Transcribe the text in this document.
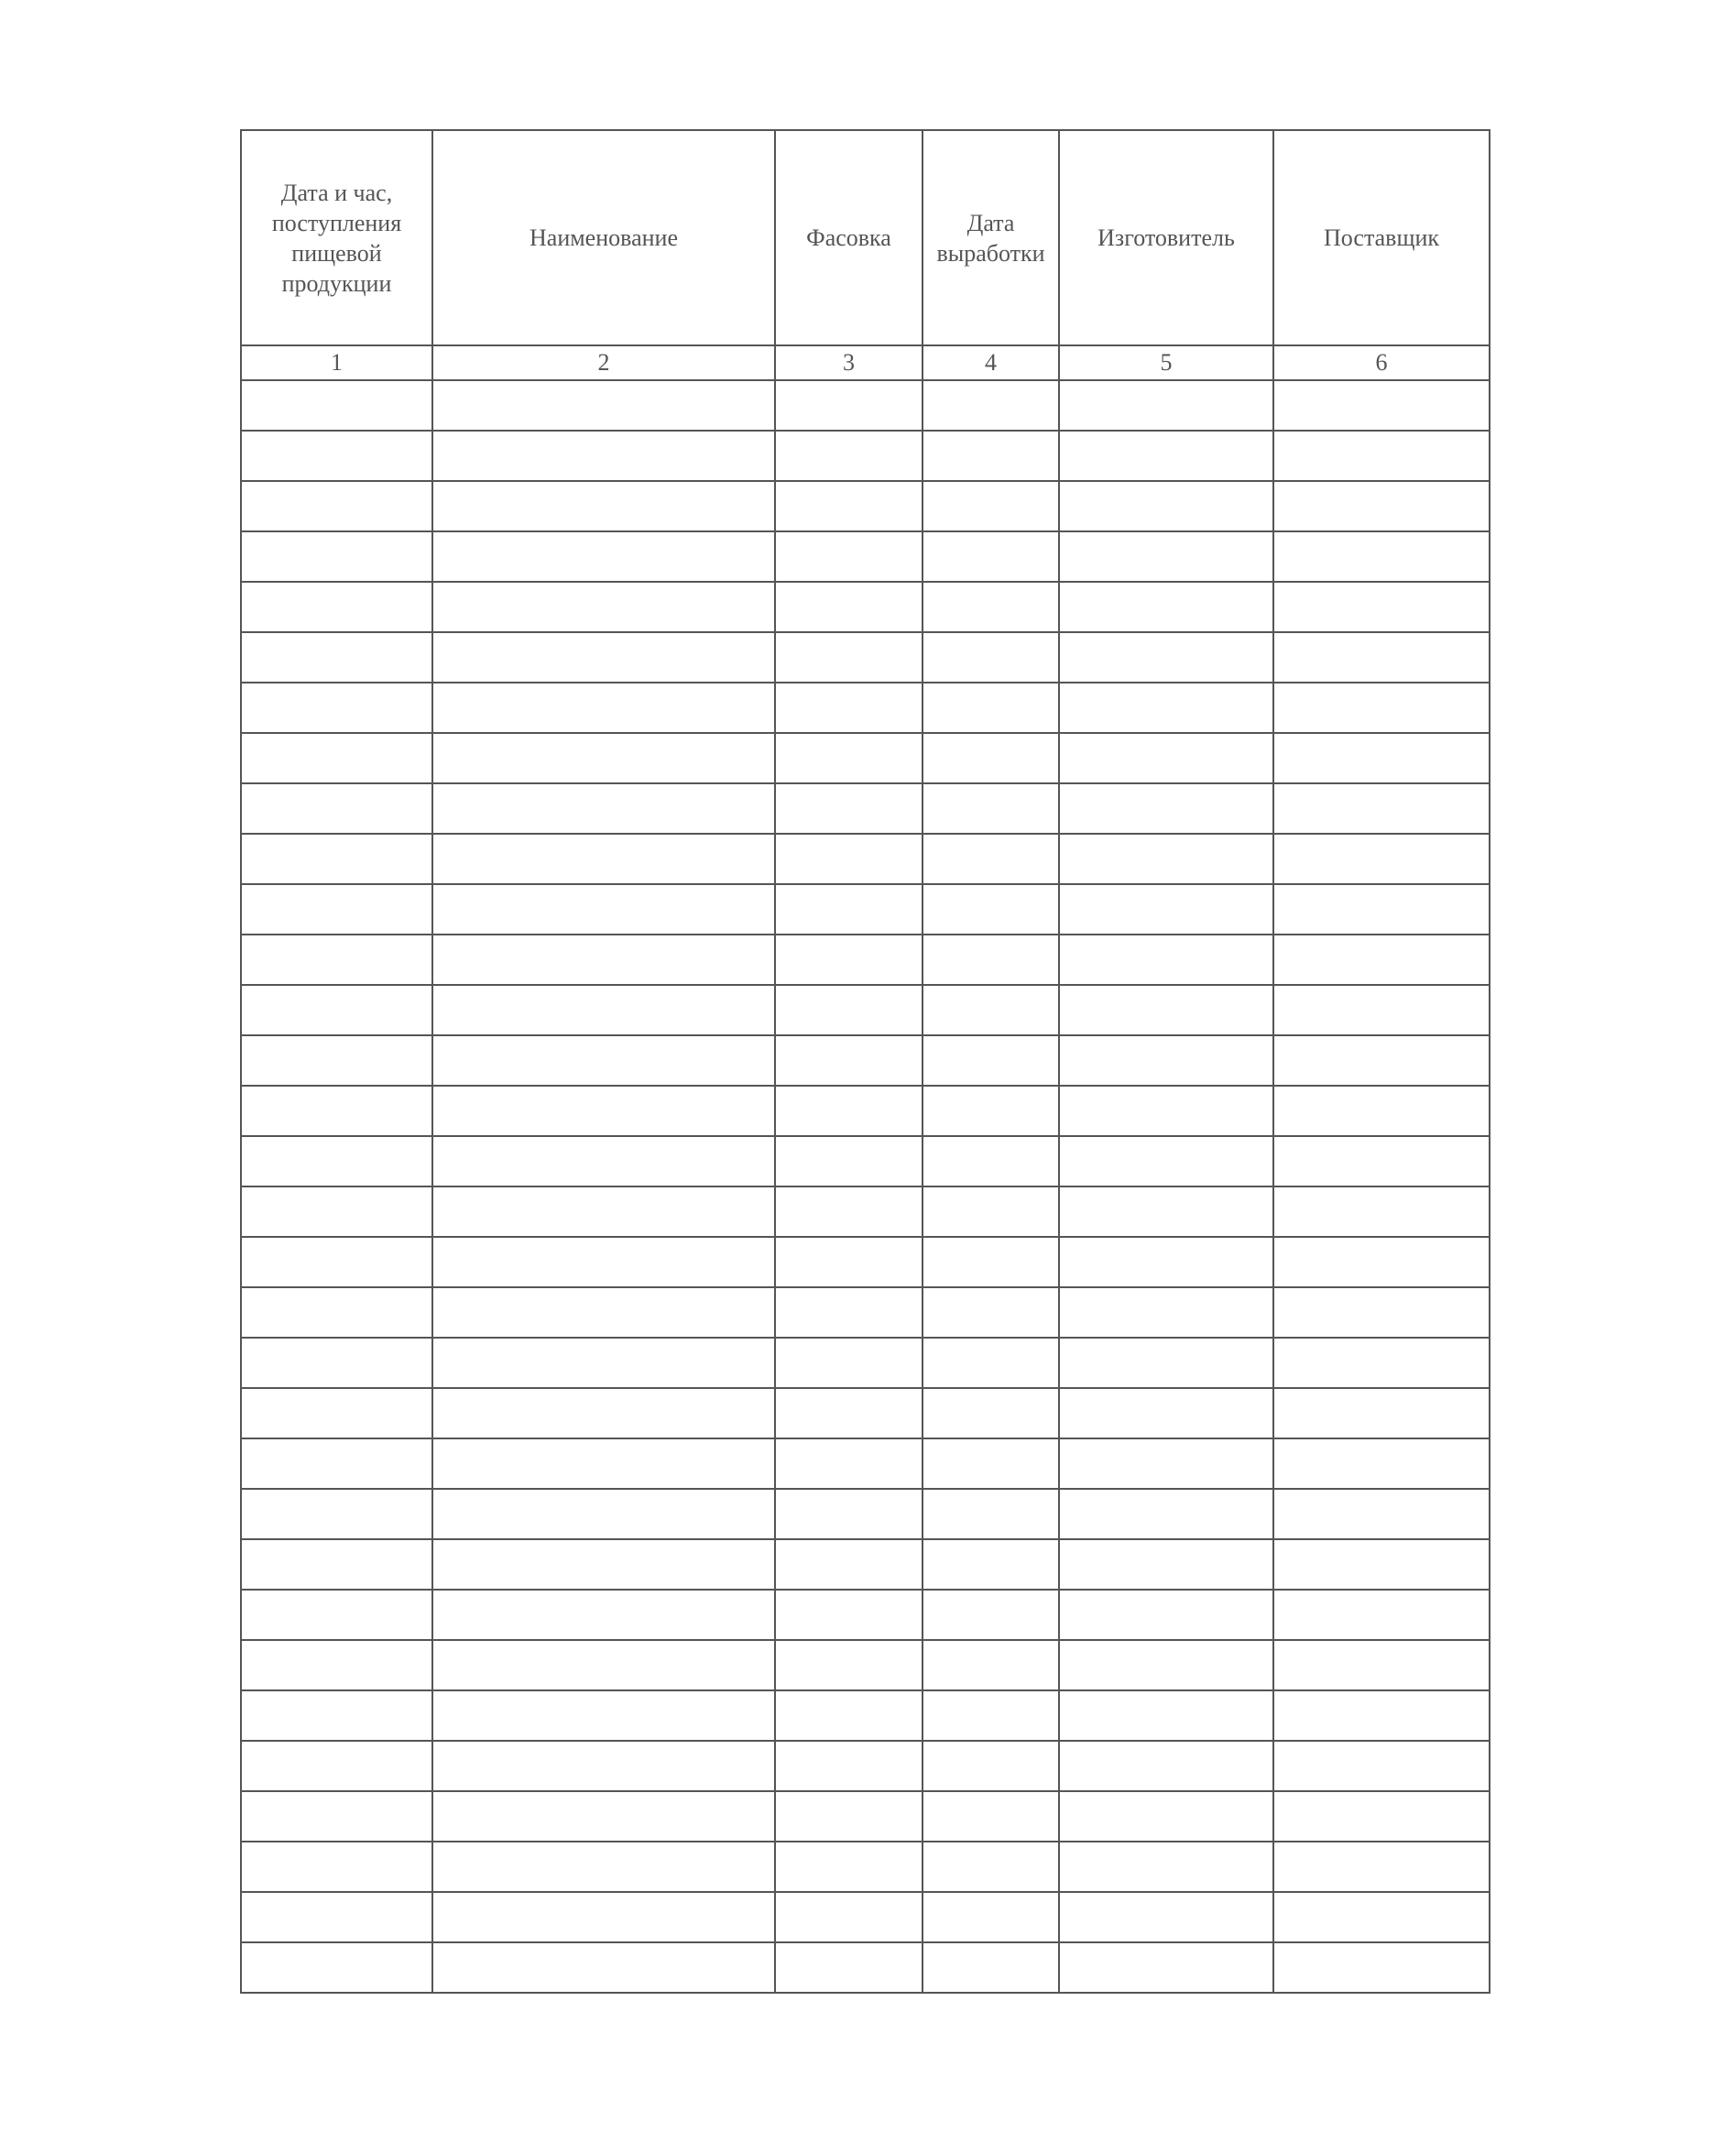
Дата и час, поступления пищевой продукции	Наименование	Фасовка	Дата выработки	Изготовитель	Поставщик

1	2	3	4	5	6
